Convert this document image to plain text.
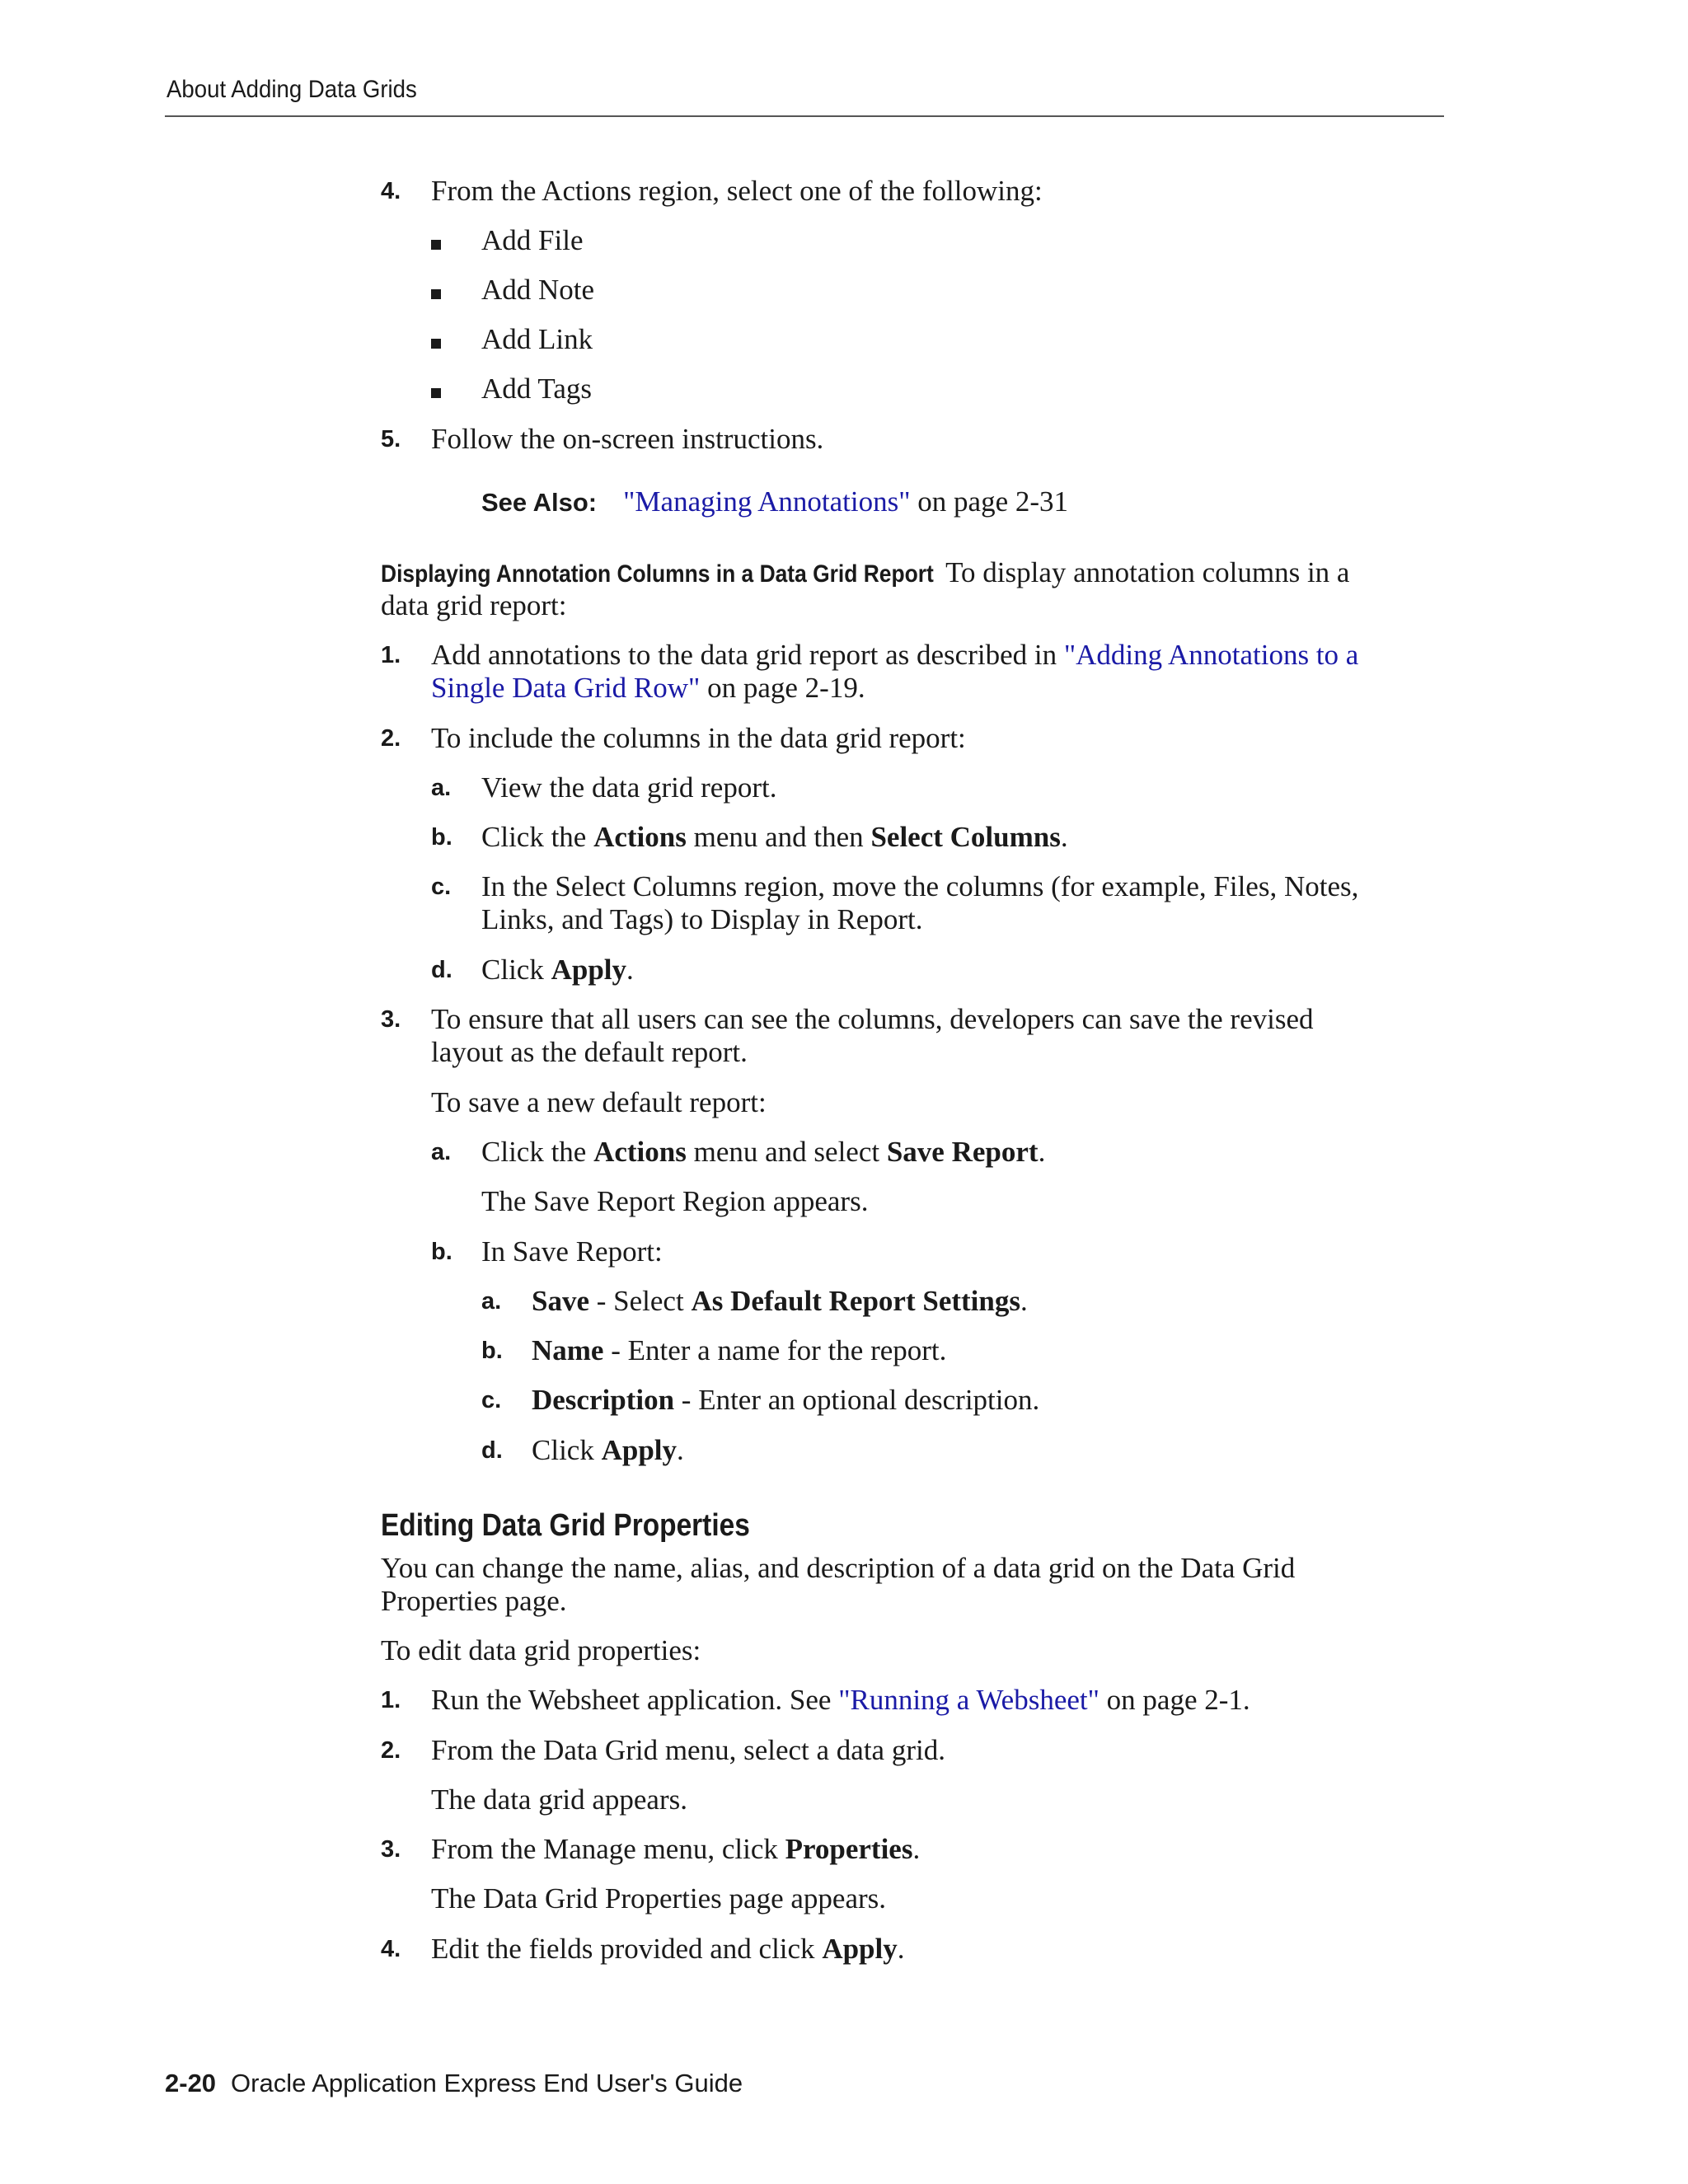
About Adding Data Grids
4. From the Actions region, select one of the following:
Add File
Add Note
Add Link
Add Tags
5. Follow the on-screen instructions.
See Also: "Managing Annotations" on page 2-31
Displaying Annotation Columns in a Data Grid Report To display annotation columns in a
data grid report:
1. Add annotations to the data grid report as described in "Adding Annotations to a
Single Data Grid Row" on page 2-19.
2. To include the columns in the data grid report:
a. View the data grid report.
b. Click the Actions menu and then Select Columns.
c. In the Select Columns region, move the columns (for example, Files, Notes,
Links, and Tags) to Display in Report.
d. Click Apply.
3. To ensure that all users can see the columns, developers can save the revised
layout as the default report.
To save a new default report:
a. Click the Actions menu and select Save Report.
The Save Report Region appears.
b. In Save Report:
a. Save - Select As Default Report Settings.
b. Name - Enter a name for the report.
c. Description - Enter an optional description.
d. Click Apply.
Editing Data Grid Properties
You can change the name, alias, and description of a data grid on the Data Grid
Properties page.
To edit data grid properties:
1. Run the Websheet application. See "Running a Websheet" on page 2-1.
2. From the Data Grid menu, select a data grid.
The data grid appears.
3. From the Manage menu, click Properties.
The Data Grid Properties page appears.
4. Edit the fields provided and click Apply.
2-20 Oracle Application Express End User's Guide
